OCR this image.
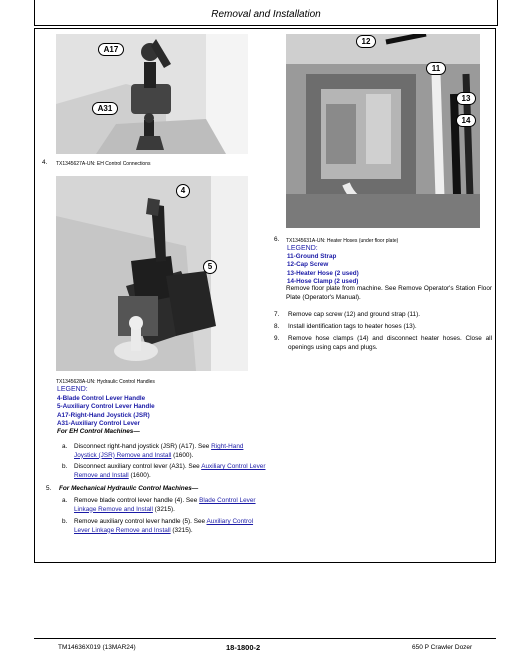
Removal and Installation
A17
A31
4. TX1345627A-UN: EH Control Connections
4
5
TX1345628A-UN: Hydraulic Control Handles
LEGEND:
4-Blade Control Lever Handle
5-Auxiliary Control Lever Handle
A17-Right-Hand Joystick (JSR)
A31-Auxiliary Control Lever
For EH Control Machines—
a. Disconnect right-hand joystick (JSR) (A17). See Right-Hand Joystick (JSR) Remove and Install (1600).
b. Disconnect auxiliary control lever (A31). See Auxiliary Control Lever Remove and Install (1600).
5. For Mechanical Hydraulic Control Machines—
a. Remove blade control lever handle (4). See Blade Control Lever Linkage Remove and Install (3215).
b. Remove auxiliary control lever handle (5). See Auxiliary Control Lever Linkage Remove and Install (3215).
12
11
13
14
6. TX1345631A-UN: Heater Hoses (under floor plate)
LEGEND:
11-Ground Strap
12-Cap Screw
13-Heater Hose (2 used)
14-Hose Clamp (2 used)
Remove floor plate from machine. See Remove Operator's Station Floor Plate (Operator's Manual).
7. Remove cap screw (12) and ground strap (11).
8. Install identification tags to heater hoses (13).
9. Remove hose clamps (14) and disconnect heater hoses. Close all openings using caps and plugs.
TM14636X019 (13MAR24)	18-1800-2	650 P Crawler Dozer
